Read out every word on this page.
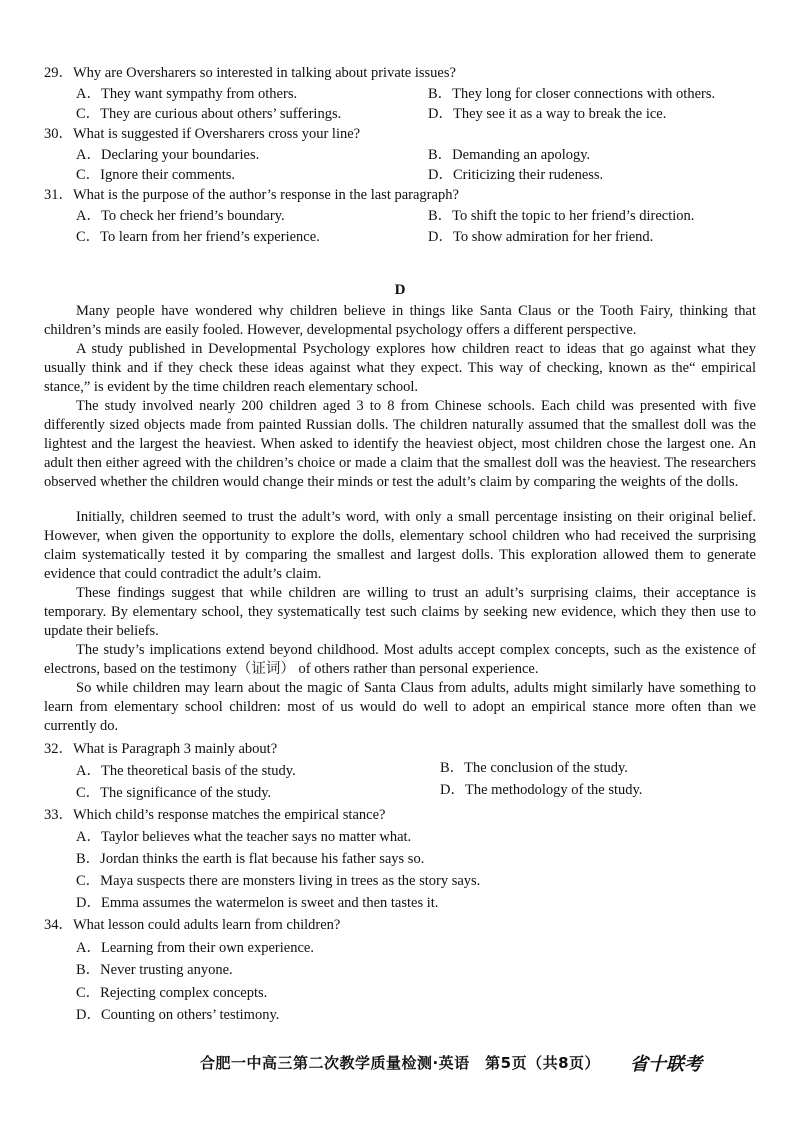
29．Why are Oversharers so interested in talking about private issues?
A．They want sympathy from others.	B．They long for closer connections with others.
C．They are curious about others’ sufferings.	D．They see it as a way to break the ice.
30．What is suggested if Oversharers cross your line?
A．Declaring your boundaries.	B．Demanding an apology.
C．Ignore their comments.	D．Criticizing their rudeness.
31．What is the purpose of the author’s response in the last paragraph?
A．To check her friend’s boundary.	B．To shift the topic to her friend’s direction.
C．To learn from her friend’s experience.	D．To show admiration for her friend.
D
Many people have wondered why children believe in things like Santa Claus or the Tooth Fairy, thinking that children’s minds are easily fooled. However, developmental psychology offers a different perspective.
A study published in Developmental Psychology explores how children react to ideas that go against what they usually think and if they check these ideas against what they expect. This way of checking, known as the“ empirical stance,” is evident by the time children reach elementary school.
The study involved nearly 200 children aged 3 to 8 from Chinese schools. Each child was presented with five differently sized objects made from painted Russian dolls. The children naturally assumed that the smallest doll was the lightest and the largest the heaviest. When asked to identify the heaviest object, most children chose the largest one. An adult then either agreed with the children’s choice or made a claim that the smallest doll was the heaviest. The researchers observed whether the children would change their minds or test the adult’s claim by comparing the weights of the dolls.
Initially, children seemed to trust the adult’s word, with only a small percentage insisting on their original belief. However, when given the opportunity to explore the dolls, elementary school children who had received the surprising claim systematically tested it by comparing the smallest and largest dolls. This exploration allowed them to generate evidence that could contradict the adult’s claim.
These findings suggest that while children are willing to trust an adult’s surprising claims, their acceptance is temporary. By elementary school, they systematically test such claims by seeking new evidence, which they then use to update their beliefs.
The study’s implications extend beyond childhood. Most adults accept complex concepts, such as the existence of electrons, based on the testimony（证词） of others rather than personal experience.
So while children may learn about the magic of Santa Claus from adults, adults might similarly have something to learn from elementary school children: most of us would do well to adopt an empirical stance more often than we currently do.
32．What is Paragraph 3 mainly about?
A．The theoretical basis of the study.	B．The conclusion of the study.
C．The significance of the study.	D．The methodology of the study.
33．Which child’s response matches the empirical stance?
A．Taylor believes what the teacher says no matter what.
B．Jordan thinks the earth is flat because his father says so.
C．Maya suspects there are monsters living in trees as the story says.
D．Emma assumes the watermelon is sweet and then tastes it.
34．What lesson could adults learn from children?
A．Learning from their own experience.
B．Never trusting anyone.
C．Rejecting complex concepts.
D．Counting on others’ testimony.
合肥一中高三第二次教学质量检测·英语　第5页（共8页）	省十联考
